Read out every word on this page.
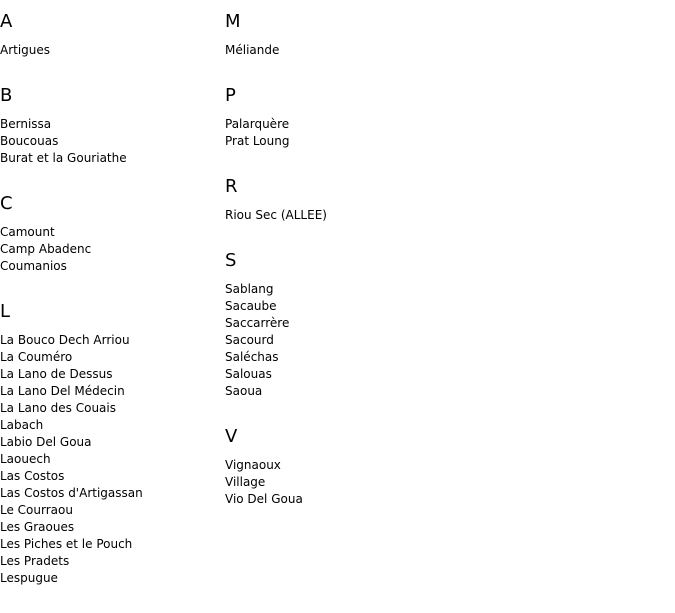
A
Artigues
B
Bernissa
Boucouas
Burat et la Gouriathe
C
Camount
Camp Abadenc
Coumanios
L
La Bouco Dech Arriou
La Couméro
La Lano de Dessus
La Lano Del Médecin
La Lano des Couais
Labach
Labio Del Goua
Laouech
Las Costos
Las Costos d'Artigassan
Le Courraou
Les Graoues
Les Piches et le Pouch
Les Pradets
Lespugue
M
Méliande
P
Palarquère
Prat Loung
R
Riou Sec (ALLEE)
S
Sablang
Sacaube
Saccarrère
Sacourd
Saléchas
Salouas
Saoua
V
Vignaoux
Village
Vio Del Goua
